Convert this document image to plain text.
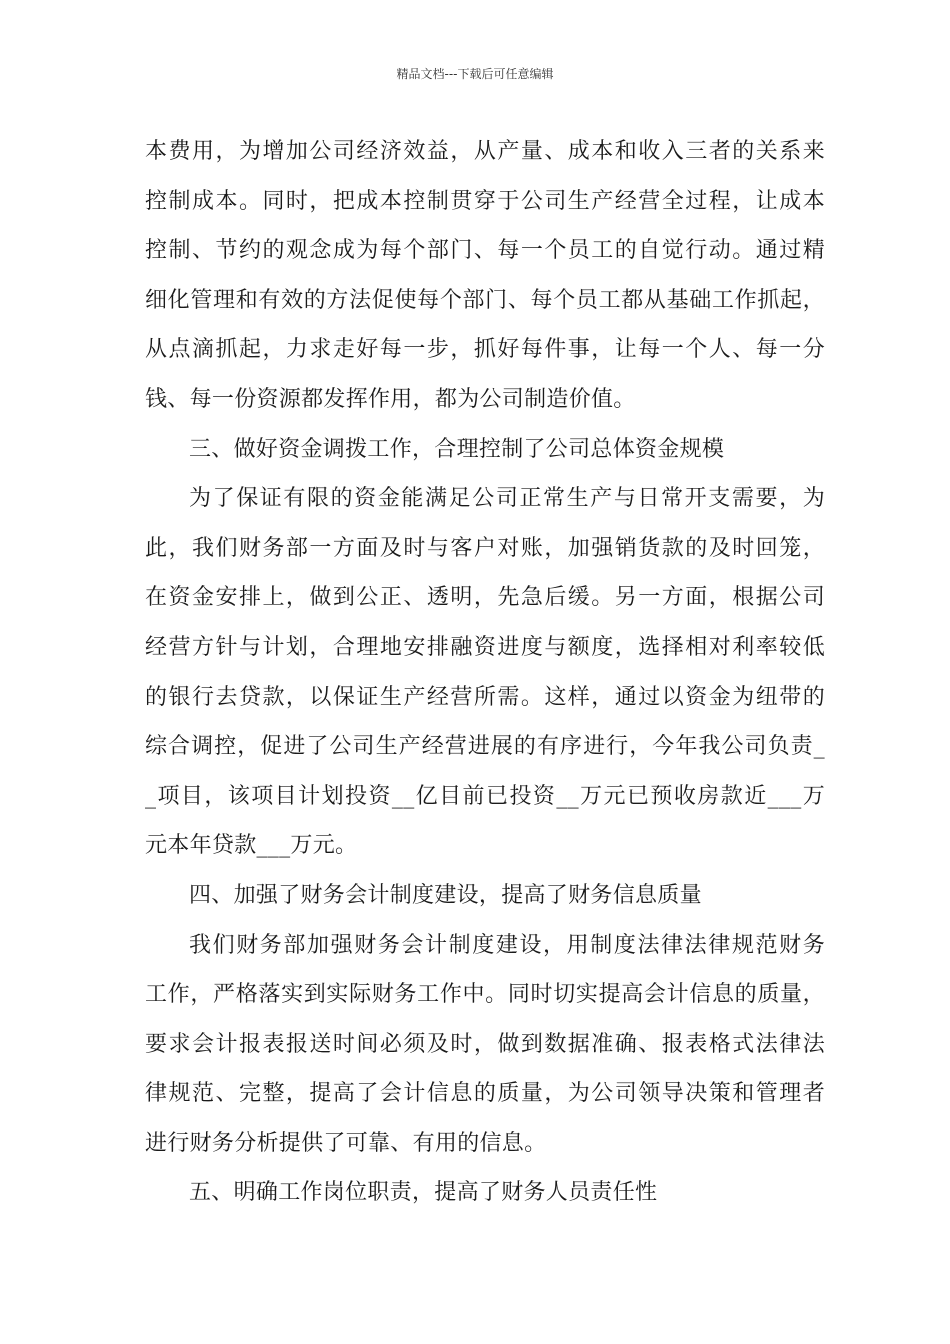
精品文档---下载后可任意编辑
本费用，为增加公司经济效益，从产量、成本和收入三者的关系来
控制成本。同时，把成本控制贯穿于公司生产经营全过程，让成本
控制、节约的观念成为每个部门、每一个员工的自觉行动。通过精
细化管理和有效的方法促使每个部门、每个员工都从基础工作抓起，
从点滴抓起，力求走好每一步，抓好每件事，让每一个人、每一分
钱、每一份资源都发挥作用，都为公司制造价值。
三、做好资金调拨工作，合理控制了公司总体资金规模
为了保证有限的资金能满足公司正常生产与日常开支需要，为
此，我们财务部一方面及时与客户对账，加强销货款的及时回笼，
在资金安排上，做到公正、透明，先急后缓。另一方面，根据公司
经营方针与计划，合理地安排融资进度与额度，选择相对利率较低
的银行去贷款，以保证生产经营所需。这样，通过以资金为纽带的
综合调控，促进了公司生产经营进展的有序进行，今年我公司负责_
_项目，该项目计划投资__亿目前已投资__万元已预收房款近___万
元本年贷款___万元。
四、加强了财务会计制度建设，提高了财务信息质量
我们财务部加强财务会计制度建设，用制度法律法律规范财务
工作，严格落实到实际财务工作中。同时切实提高会计信息的质量，
要求会计报表报送时间必须及时，做到数据准确、报表格式法律法
律规范、完整，提高了会计信息的质量，为公司领导决策和管理者
进行财务分析提供了可靠、有用的信息。
五、明确工作岗位职责，提高了财务人员责任性
